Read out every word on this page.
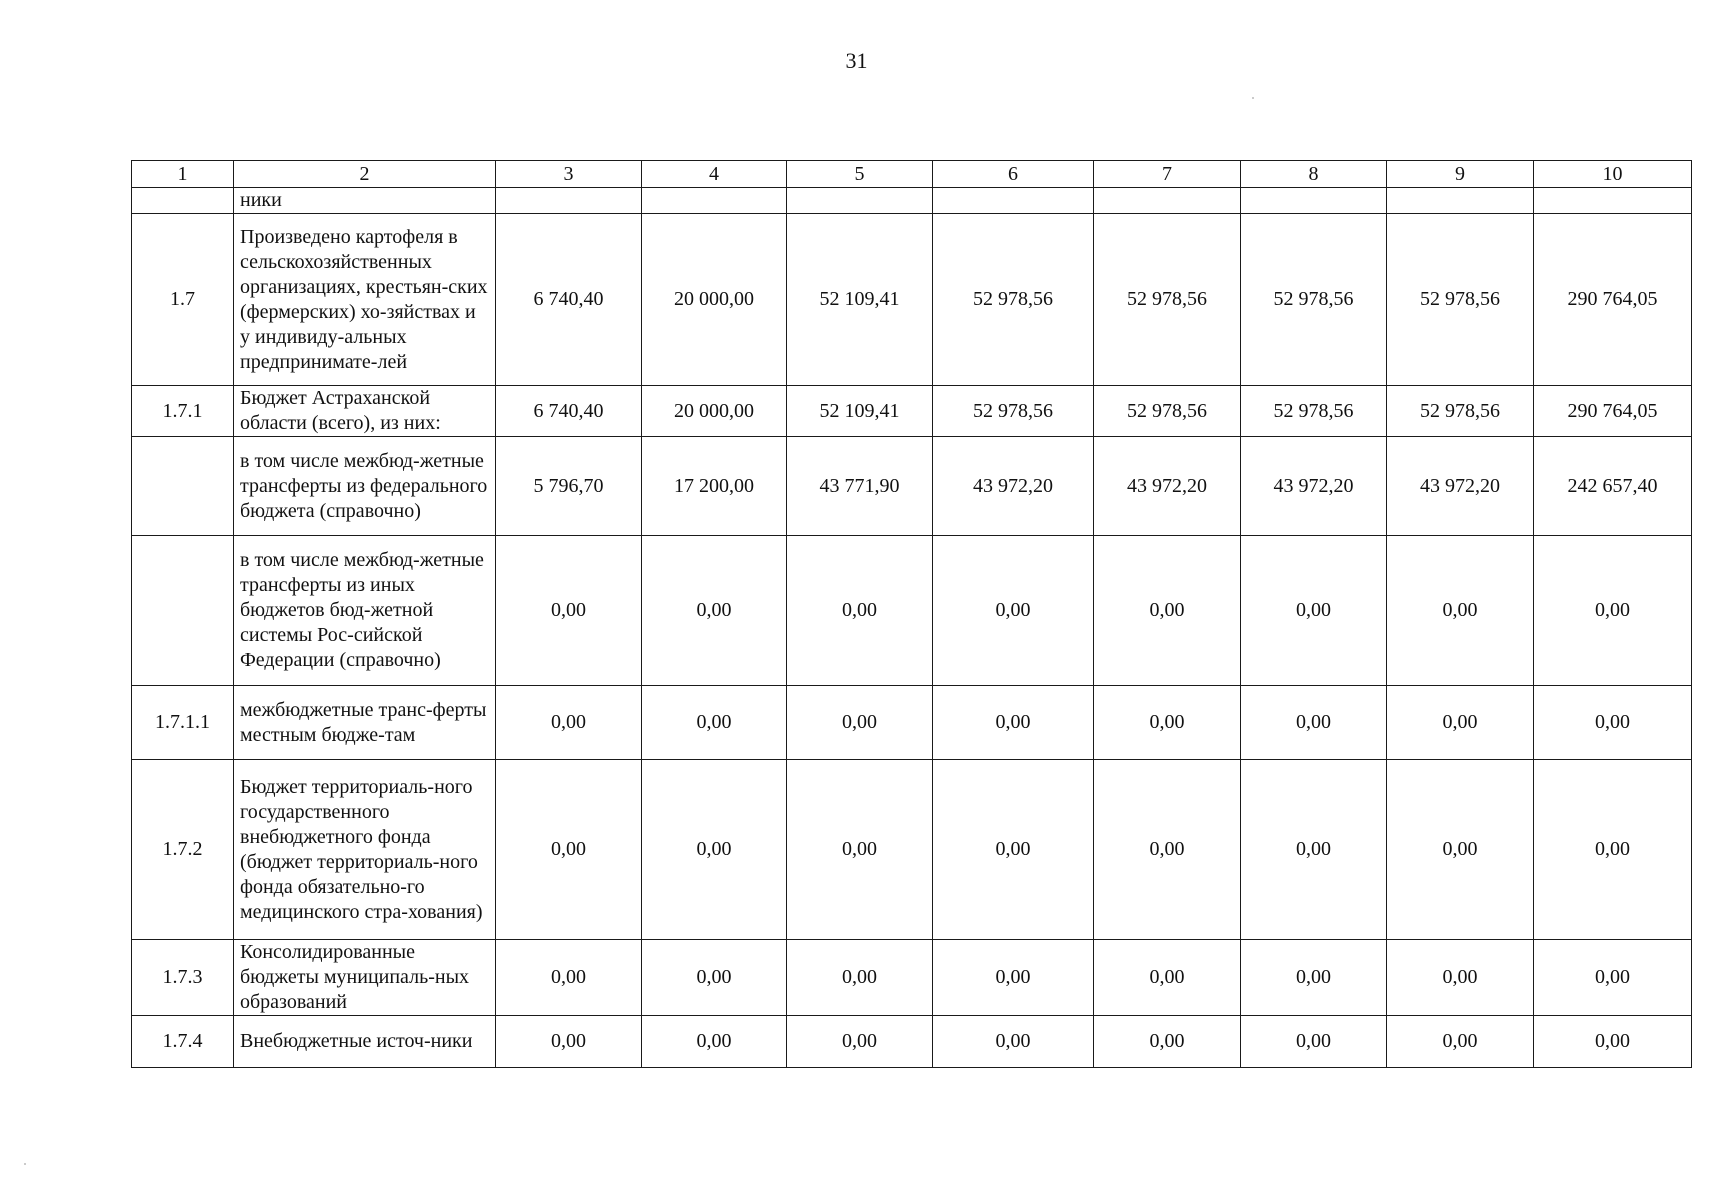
31
1	2	3	4	5	6	7	8	9	10
	ники								
1.7	Произведено картофеля в сельскохозяйственных организациях, крестьян-ских (фермерских) хо-зяйствах и у индивиду-альных предпринимате-лей	6 740,40	20 000,00	52 109,41	52 978,56	52 978,56	52 978,56	52 978,56	290 764,05
1.7.1	Бюджет Астраханской области (всего), из них:	6 740,40	20 000,00	52 109,41	52 978,56	52 978,56	52 978,56	52 978,56	290 764,05
	в том числе межбюд-жетные трансферты из федерального бюджета (справочно)	5 796,70	17 200,00	43 771,90	43 972,20	43 972,20	43 972,20	43 972,20	242 657,40
	в том числе межбюд-жетные трансферты из иных бюджетов бюд-жетной системы Рос-сийской Федерации (справочно)	0,00	0,00	0,00	0,00	0,00	0,00	0,00	0,00
1.7.1.1	межбюджетные транс-ферты местным бюдже-там	0,00	0,00	0,00	0,00	0,00	0,00	0,00	0,00
1.7.2	Бюджет территориаль-ного государственного внебюджетного фонда (бюджет территориаль-ного фонда обязательно-го медицинского стра-хования)	0,00	0,00	0,00	0,00	0,00	0,00	0,00	0,00
1.7.3	Консолидированные бюджеты муниципаль-ных образований	0,00	0,00	0,00	0,00	0,00	0,00	0,00	0,00
1.7.4	Внебюджетные источ-ники	0,00	0,00	0,00	0,00	0,00	0,00	0,00	0,00
